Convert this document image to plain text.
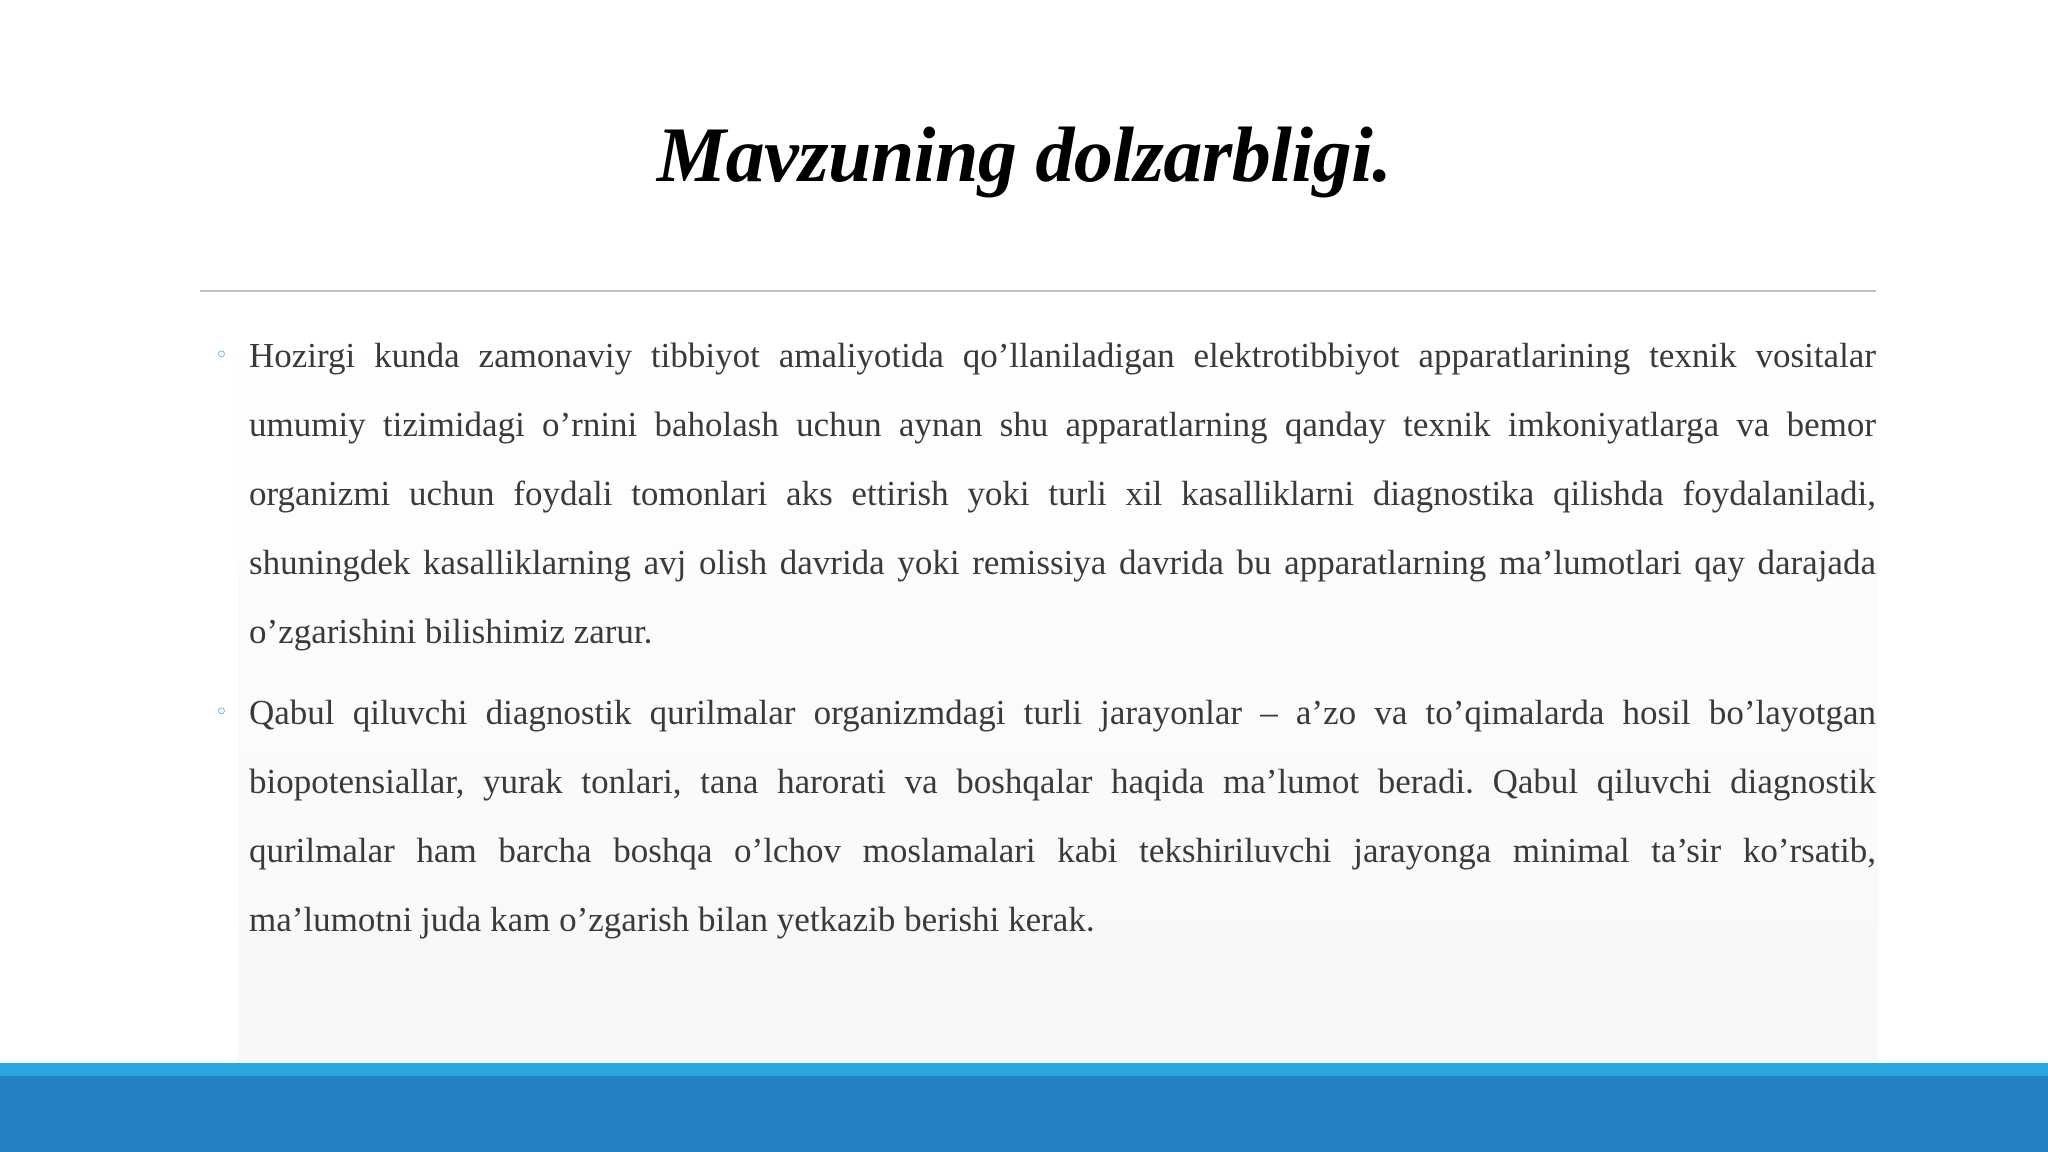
Mavzuning dolzarbligi.
◦ Hozirgi kunda zamonaviy tibbiyot amaliyotida qo’llaniladigan elektrotibbiyot apparatlarining texnik vositalar umumiy tizimidagi o’rnini baholash uchun aynan shu apparatlarning qanday texnik imkoniyatlarga va bemor organizmi uchun foydali tomonlari aks ettirish yoki turli xil kasalliklarni diagnostika qilishda foydalaniladi, shuningdek kasalliklarning avj olish davrida yoki remissiya davrida bu apparatlarning ma’lumotlari qay darajada o’zgarishini bilishimiz zarur.

◦ Qabul qiluvchi diagnostik qurilmalar organizmdagi turli jarayonlar – a’zo va to’qimalarda hosil bo’layotgan biopotensiallar, yurak tonlari, tana harorati va boshqalar haqida ma’lumot beradi. Qabul qiluvchi diagnostik qurilmalar ham barcha boshqa o’lchov moslamalari kabi tekshiriluvchi jarayonga minimal ta’sir ko’rsatib, ma’lumotni juda kam o’zgarish bilan yetkazib berishi kerak.
